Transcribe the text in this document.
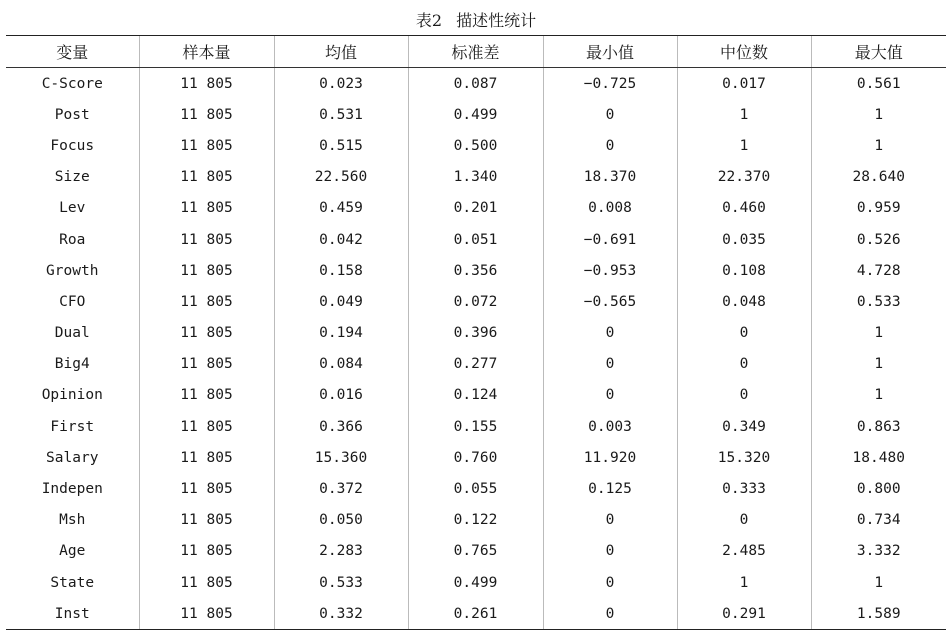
表2 描述性统计
变量	样本量	均值	标准差	最小值	中位数	最大值
C-Score	11 805	0.023	0.087	−0.725	0.017	0.561
Post	11 805	0.531	0.499	0	1	1
Focus	11 805	0.515	0.500	0	1	1
Size	11 805	22.560	1.340	18.370	22.370	28.640
Lev	11 805	0.459	0.201	0.008	0.460	0.959
Roa	11 805	0.042	0.051	−0.691	0.035	0.526
Growth	11 805	0.158	0.356	−0.953	0.108	4.728
CFO	11 805	0.049	0.072	−0.565	0.048	0.533
Dual	11 805	0.194	0.396	0	0	1
Big4	11 805	0.084	0.277	0	0	1
Opinion	11 805	0.016	0.124	0	0	1
First	11 805	0.366	0.155	0.003	0.349	0.863
Salary	11 805	15.360	0.760	11.920	15.320	18.480
Indepen	11 805	0.372	0.055	0.125	0.333	0.800
Msh	11 805	0.050	0.122	0	0	0.734
Age	11 805	2.283	0.765	0	2.485	3.332
State	11 805	0.533	0.499	0	1	1
Inst	11 805	0.332	0.261	0	0.291	1.589
